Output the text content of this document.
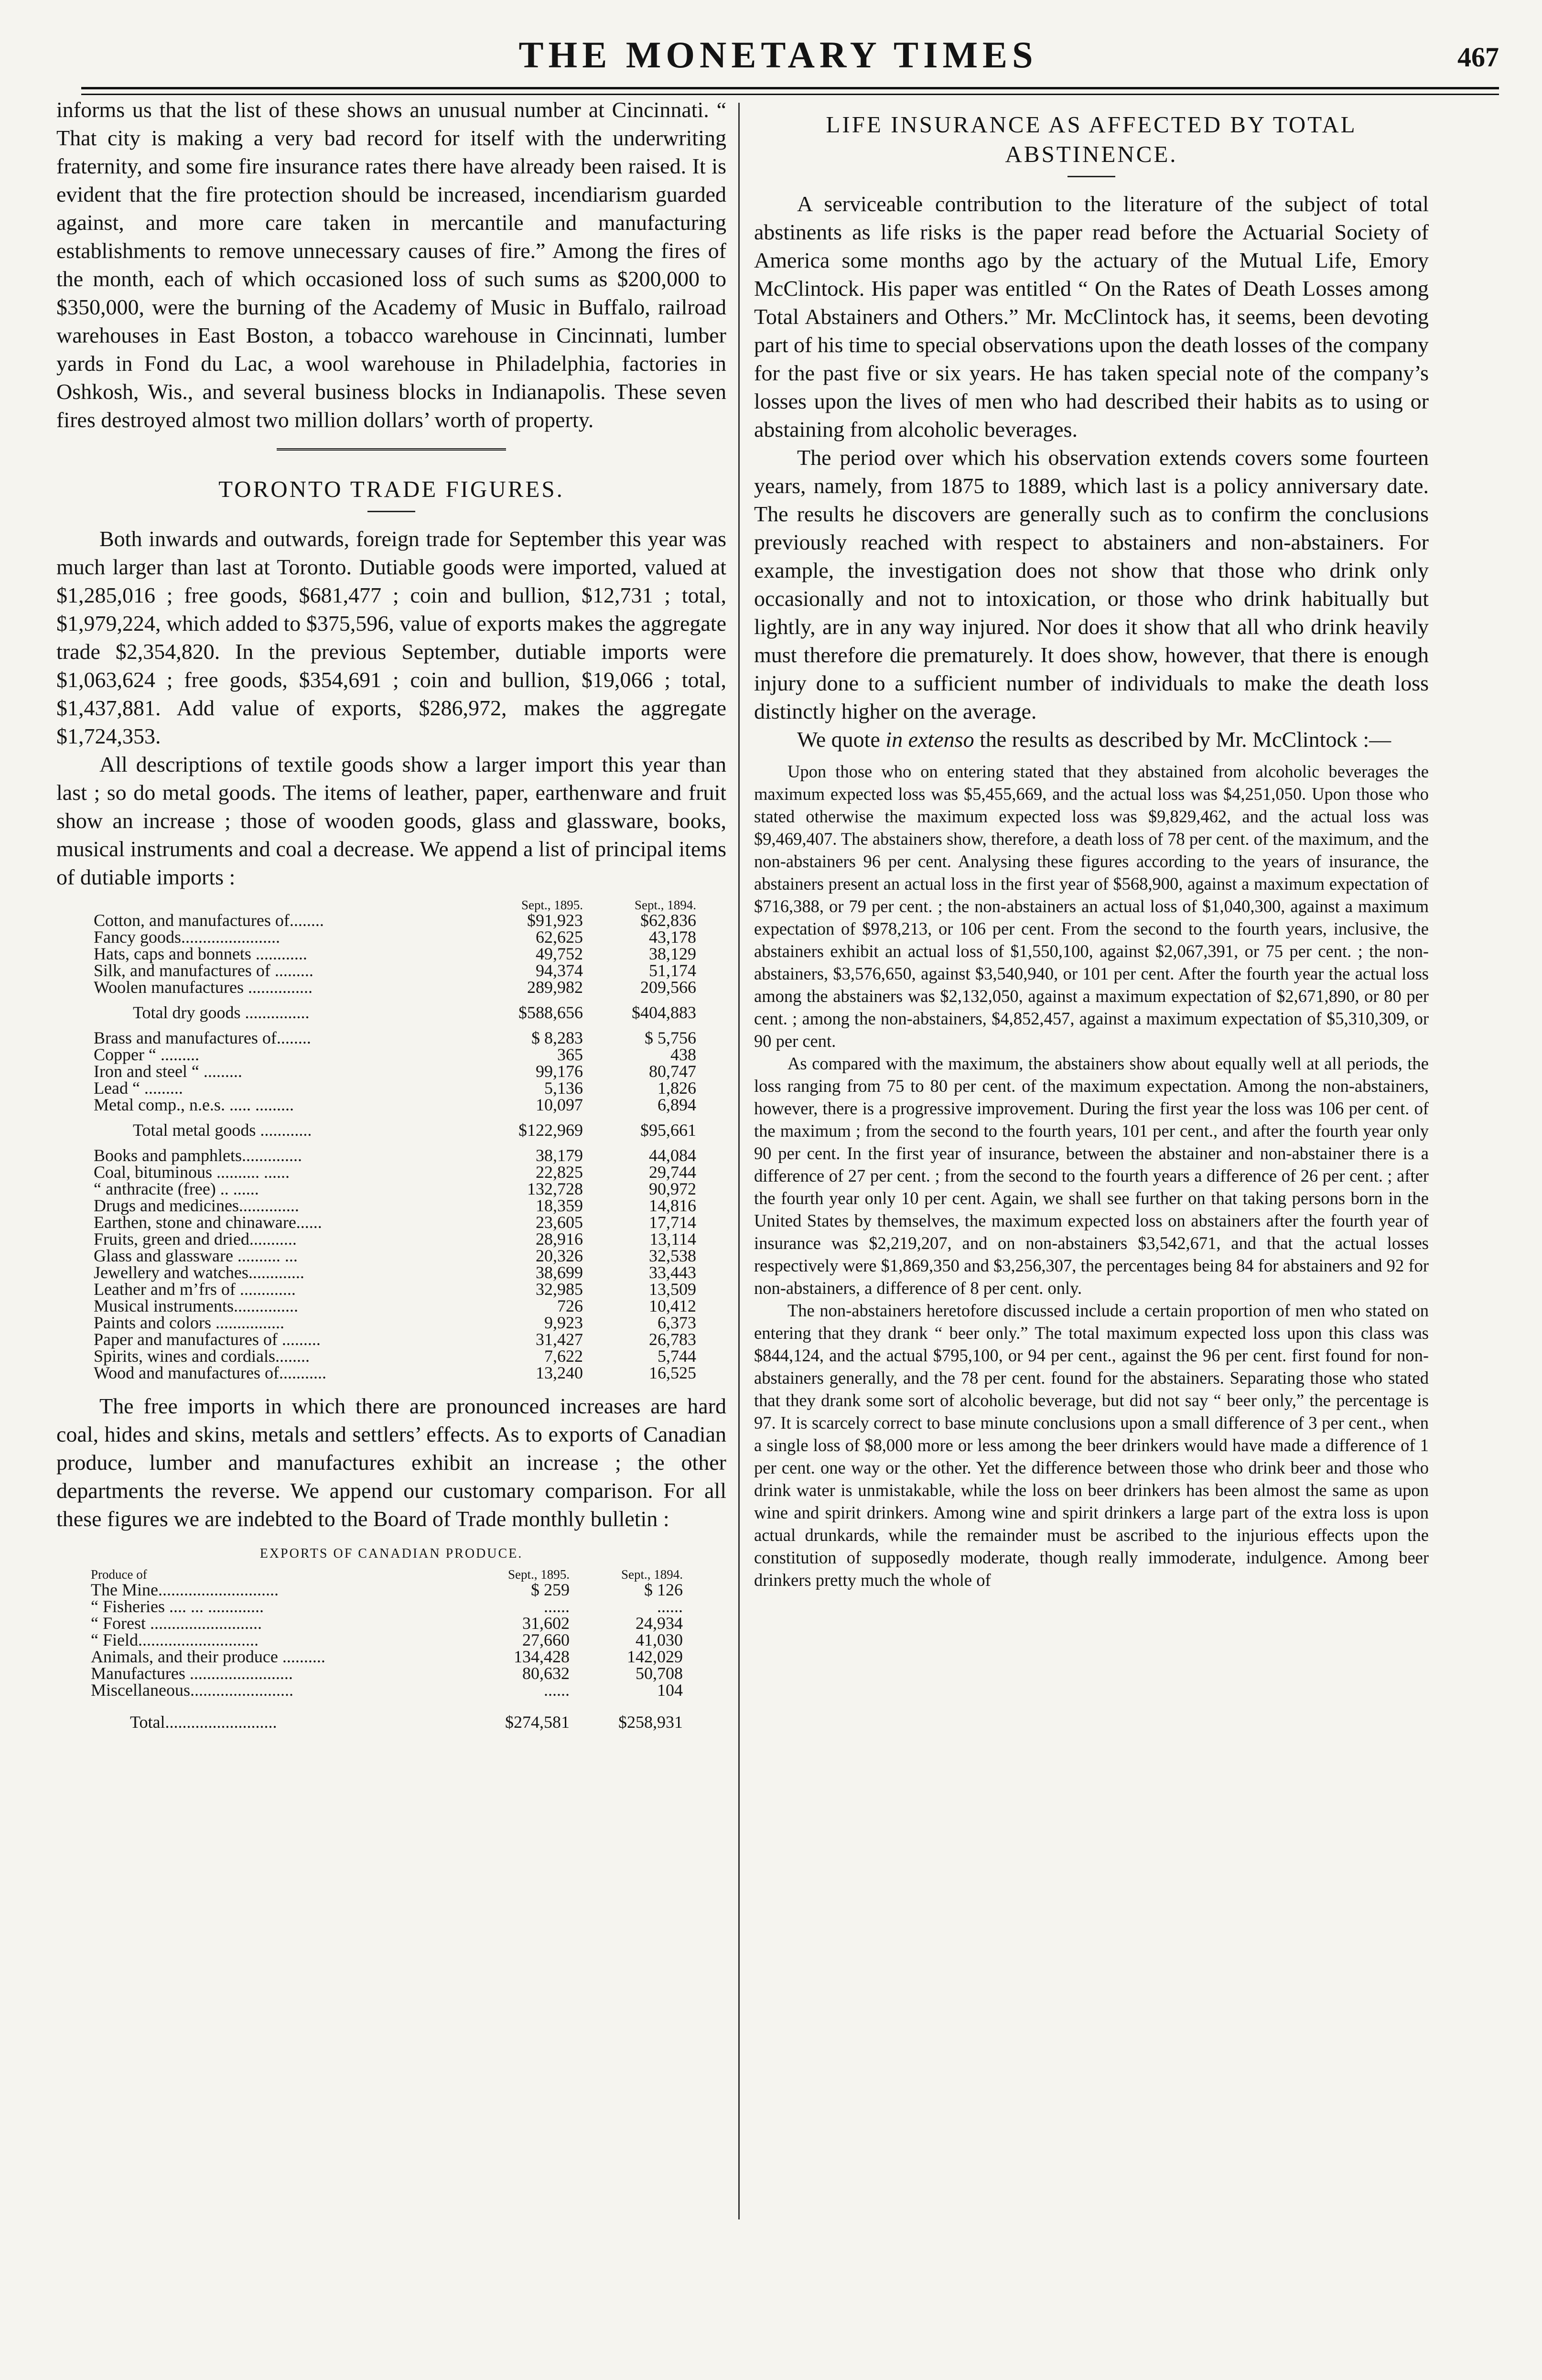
THE MONETARY TIMES	467

informs us that the list of these shows an unusual number at Cincinnati. “ That city is making a very bad record for itself with the underwriting fraternity, and some fire insurance rates there have already been raised. It is evident that the fire protection should be increased, incendiarism guarded against, and more care taken in mercantile and manufacturing establishments to remove unnecessary causes of fire.” Among the fires of the month, each of which occasioned loss of such sums as $200,000 to $350,000, were the burning of the Academy of Music in Buffalo, railroad warehouses in East Boston, a tobacco warehouse in Cincinnati, lumber yards in Fond du Lac, a wool warehouse in Philadelphia, factories in Oshkosh, Wis., and several business blocks in Indianapolis. These seven fires destroyed almost two million dollars’ worth of property.

TORONTO TRADE FIGURES.

Both inwards and outwards, foreign trade for September this year was much larger than last at Toronto. Dutiable goods were imported, valued at $1,285,016 ; free goods, $681,477 ; coin and bullion, $12,731 ; total, $1,979,224, which added to $375,596, value of exports makes the aggregate trade $2,354,820. In the previous September, dutiable imports were $1,063,624 ; free goods, $354,691 ; coin and bullion, $19,066 ; total, $1,437,881. Add value of exports, $286,972, makes the aggregate $1,724,353.

All descriptions of textile goods show a larger import this year than last ; so do metal goods. The items of leather, paper, earthenware and fruit show an increase ; those of wooden goods, glass and glassware, books, musical instruments and coal a decrease. We append a list of principal items of dutiable imports :

	Sept., 1895.	Sept., 1894.
Cotton, and manufactures of........	$91,923	$62,836
Fancy goods.......................	62,625	43,178
Hats, caps and bonnets ............	49,752	38,129
Silk, and manufactures of .........	94,374	51,174
Woolen manufactures ...............	289,982	209,566
Total dry goods ...............	$588,656	$404,883
Brass and manufactures of........	$ 8,283	$ 5,756
Copper “ .........	365	438
Iron and steel “ .........	99,176	80,747
Lead “ .........	5,136	1,826
Metal comp., n.e.s. ..... .........	10,097	6,894
Total metal goods ............	$122,969	$95,661
Books and pamphlets..............	38,179	44,084
Coal, bituminous .......... ......	22,825	29,744
“ anthracite (free) .. ......	132,728	90,972
Drugs and medicines..............	18,359	14,816
Earthen, stone and chinaware......	23,605	17,714
Fruits, green and dried...........	28,916	13,114
Glass and glassware .......... ...	20,326	32,538
Jewellery and watches.............	38,699	33,443
Leather and m’frs of .............	32,985	13,509
Musical instruments...............	726	10,412
Paints and colors ................	9,923	6,373
Paper and manufactures of .........	31,427	26,783
Spirits, wines and cordials........	7,622	5,744
Wood and manufactures of...........	13,240	16,525

The free imports in which there are pronounced increases are hard coal, hides and skins, metals and settlers’ effects. As to exports of Canadian produce, lumber and manufactures exhibit an increase ; the other departments the reverse. We append our customary comparison. For all these figures we are indebted to the Board of Trade monthly bulletin :

EXPORTS OF CANADIAN PRODUCE.
Produce of	Sept., 1895.	Sept., 1894.
The Mine............................	$ 259	$ 126
“ Fisheries .... ... .............	......	......
“ Forest ..........................	31,602	24,934
“ Field............................	27,660	41,030
Animals, and their produce ..........	134,428	142,029
Manufactures ........................	80,632	50,708
Miscellaneous........................	......	104
Total..........................	$274,581	$258,931
LIFE INSURANCE AS AFFECTED BY TOTAL ABSTINENCE.

A serviceable contribution to the literature of the subject of total abstinents as life risks is the paper read before the Actuarial Society of America some months ago by the actuary of the Mutual Life, Emory McClintock. His paper was entitled “ On the Rates of Death Losses among Total Abstainers and Others.” Mr. McClintock has, it seems, been devoting part of his time to special observations upon the death losses of the company for the past five or six years. He has taken special note of the company’s losses upon the lives of men who had described their habits as to using or abstaining from alcoholic beverages.

The period over which his observation extends covers some fourteen years, namely, from 1875 to 1889, which last is a policy anniversary date. The results he discovers are generally such as to confirm the conclusions previously reached with respect to abstainers and non-abstainers. For example, the investigation does not show that those who drink only occasionally and not to intoxication, or those who drink habitually but lightly, are in any way injured. Nor does it show that all who drink heavily must therefore die prematurely. It does show, however, that there is enough injury done to a sufficient number of individuals to make the death loss distinctly higher on the average.

We quote in extenso the results as described by Mr. McClintock :—

Upon those who on entering stated that they abstained from alcoholic beverages the maximum expected loss was $5,455,669, and the actual loss was $4,251,050. Upon those who stated otherwise the maximum expected loss was $9,829,462, and the actual loss was $9,469,407. The abstainers show, therefore, a death loss of 78 per cent. of the maximum, and the non-abstainers 96 per cent. Analysing these figures according to the years of insurance, the abstainers present an actual loss in the first year of $568,900, against a maximum expectation of $716,388, or 79 per cent. ; the non-abstainers an actual loss of $1,040,300, against a maximum expectation of $978,213, or 106 per cent. From the second to the fourth years, inclusive, the abstainers exhibit an actual loss of $1,550,100, against $2,067,391, or 75 per cent. ; the non-abstainers, $3,576,650, against $3,540,940, or 101 per cent. After the fourth year the actual loss among the abstainers was $2,132,050, against a maximum expectation of $2,671,890, or 80 per cent. ; among the non-abstainers, $4,852,457, against a maximum expectation of $5,310,309, or 90 per cent.

As compared with the maximum, the abstainers show about equally well at all periods, the loss ranging from 75 to 80 per cent. of the maximum expectation. Among the non-abstainers, however, there is a progressive improvement. During the first year the loss was 106 per cent. of the maximum ; from the second to the fourth years, 101 per cent., and after the fourth year only 90 per cent. In the first year of insurance, between the abstainer and non-abstainer there is a difference of 27 per cent. ; from the second to the fourth years a difference of 26 per cent. ; after the fourth year only 10 per cent. Again, we shall see further on that taking persons born in the United States by themselves, the maximum expected loss on abstainers after the fourth year of insurance was $2,219,207, and on non-abstainers $3,542,671, and that the actual losses respectively were $1,869,350 and $3,256,307, the percentages being 84 for abstainers and 92 for non-abstainers, a difference of 8 per cent. only.

The non-abstainers heretofore discussed include a certain proportion of men who stated on entering that they drank “ beer only.” The total maximum expected loss upon this class was $844,124, and the actual $795,100, or 94 per cent., against the 96 per cent. first found for non-abstainers generally, and the 78 per cent. found for the abstainers. Separating those who stated that they drank some sort of alcoholic beverage, but did not say “ beer only,” the percentage is 97. It is scarcely correct to base minute conclusions upon a small difference of 3 per cent., when a single loss of $8,000 more or less among the beer drinkers would have made a difference of 1 per cent. one way or the other. Yet the difference between those who drink beer and those who drink water is unmistakable, while the loss on beer drinkers has been almost the same as upon wine and spirit drinkers. Among wine and spirit drinkers a large part of the extra loss is upon actual drunkards, while the remainder must be ascribed to the injurious effects upon the constitution of supposedly moderate, though really immoderate, indulgence. Among beer drinkers pretty much the whole of
